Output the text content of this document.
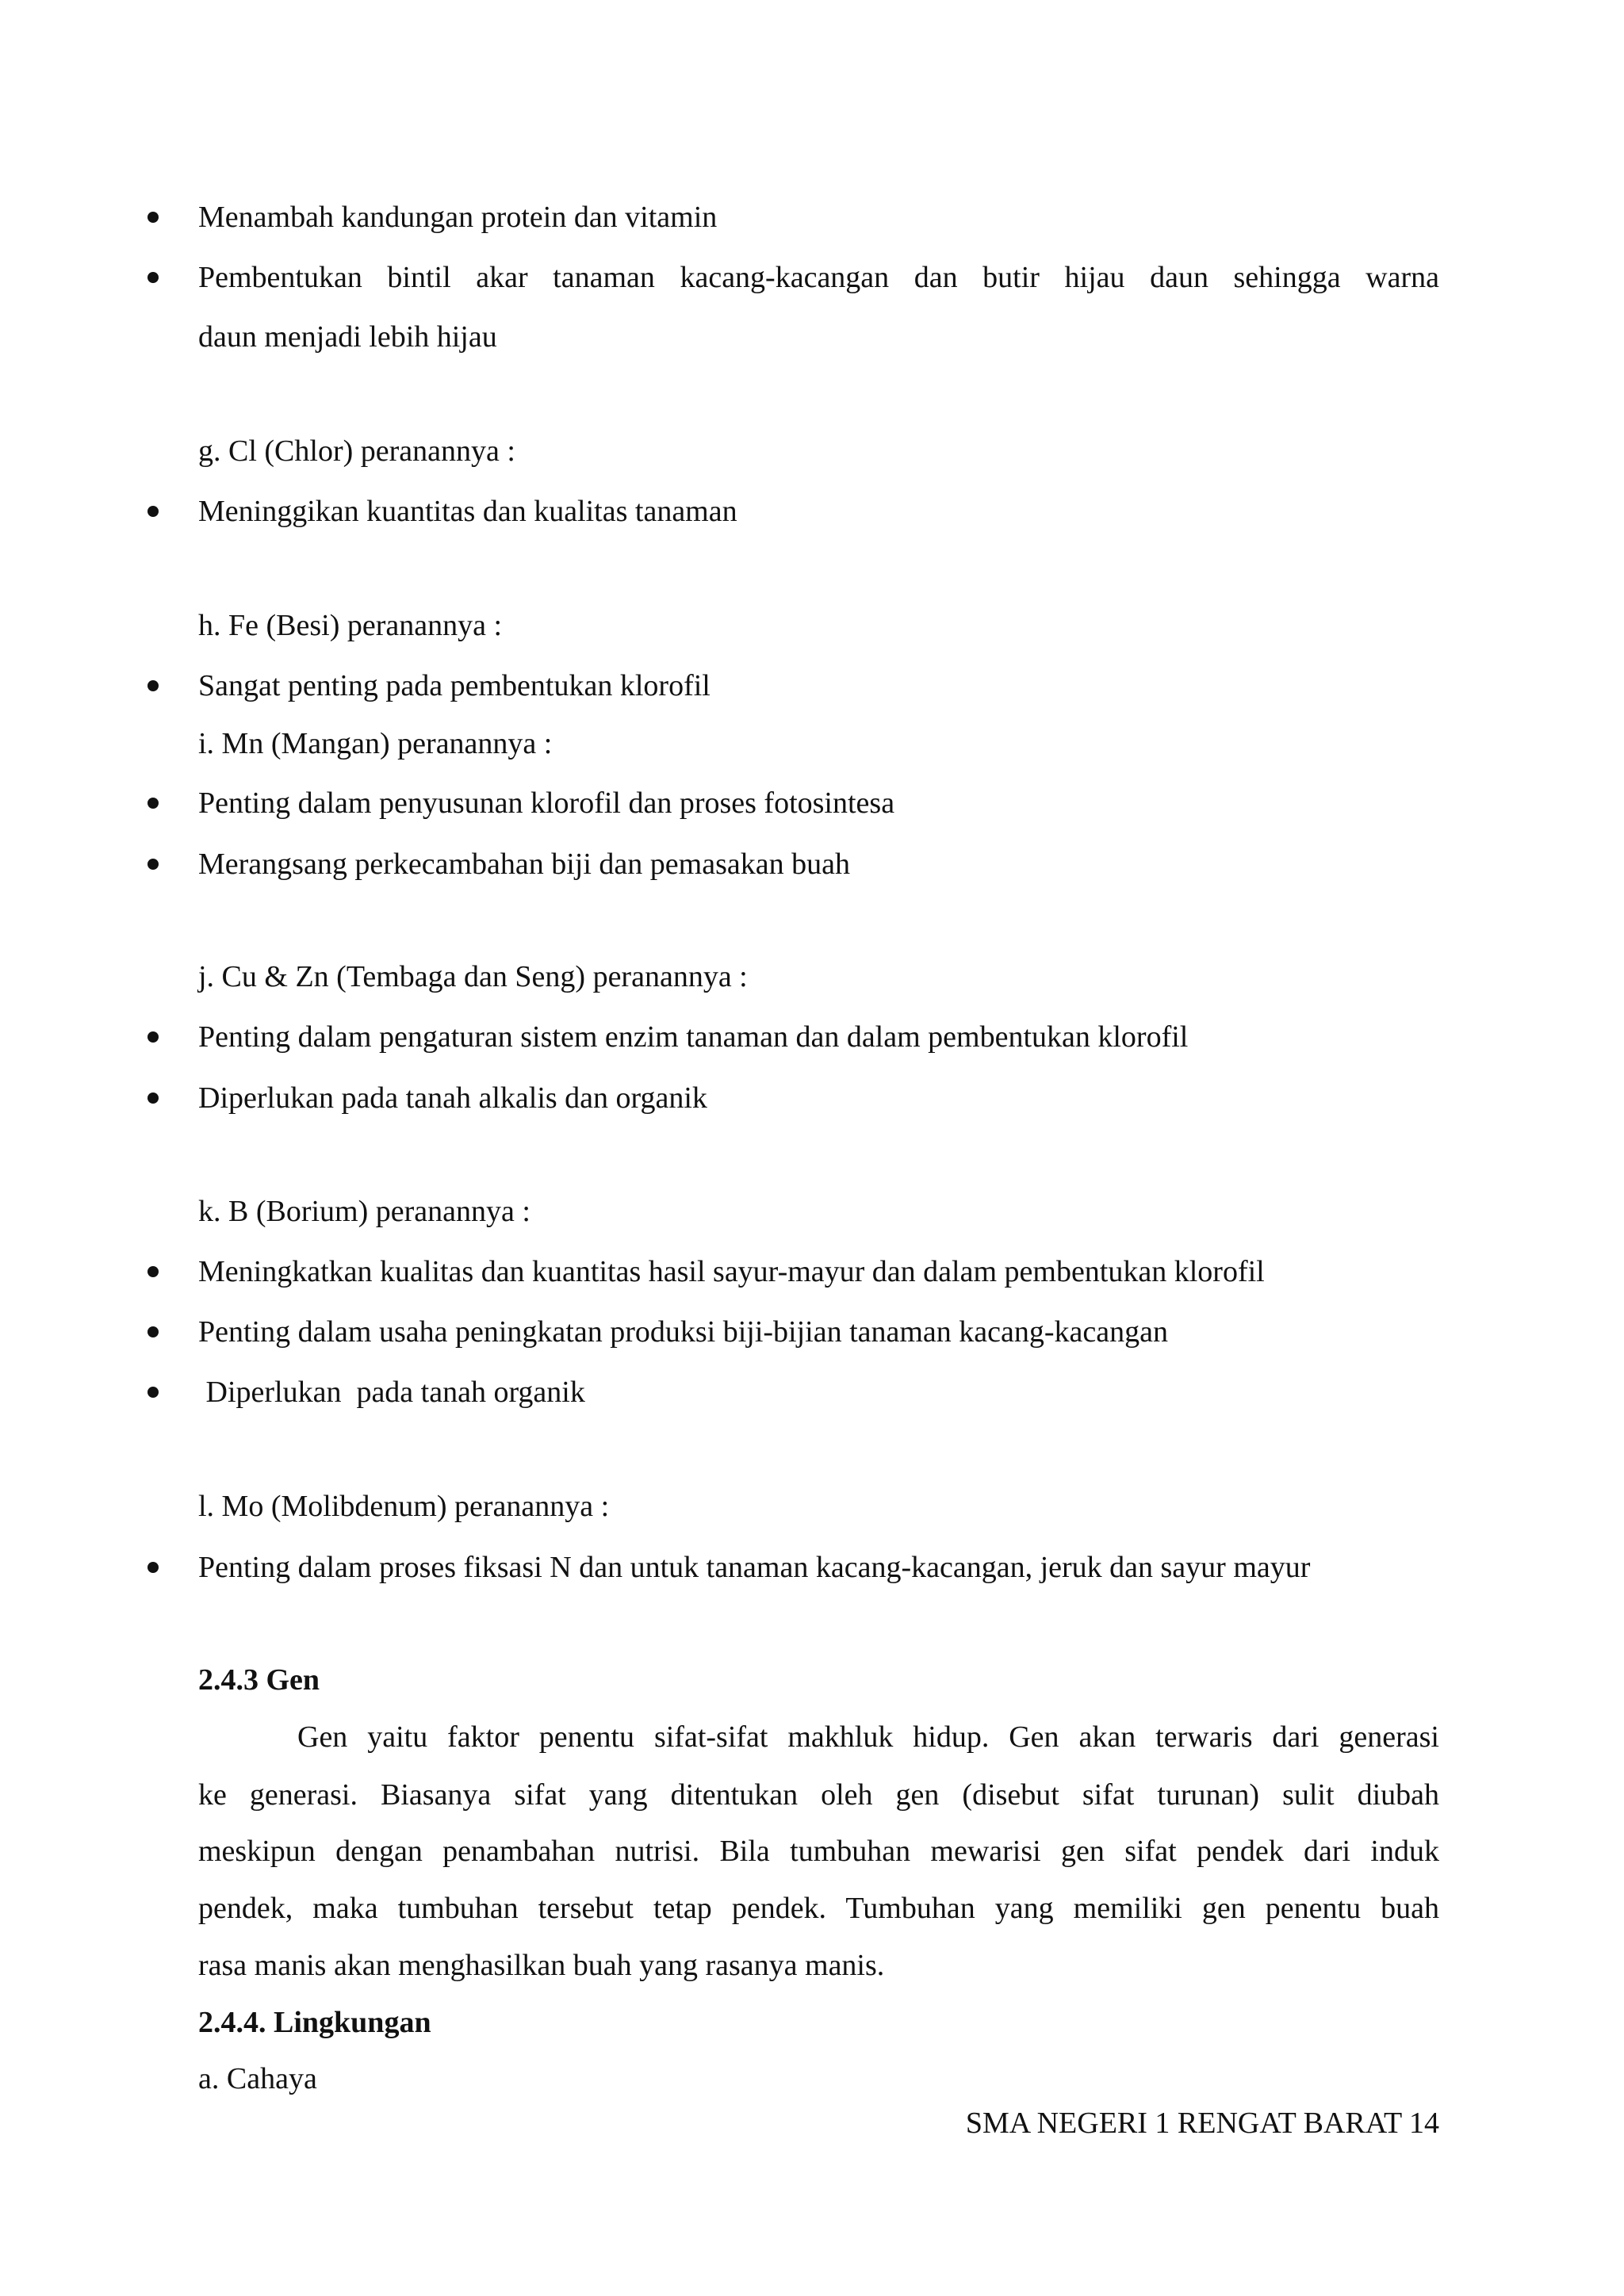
Menambah kandungan protein dan vitamin
Pembentukan bintil akar tanaman kacang-kacangan dan butir hijau daun sehingga warna
daun menjadi lebih hijau
g. Cl (Chlor) peranannya :
Meninggikan kuantitas dan kualitas tanaman
h. Fe (Besi) peranannya :
Sangat penting pada pembentukan klorofil
i. Mn (Mangan) peranannya :
Penting dalam penyusunan klorofil dan proses fotosintesa
Merangsang perkecambahan biji dan pemasakan buah
j. Cu & Zn (Tembaga dan Seng) peranannya :
Penting dalam pengaturan sistem enzim tanaman dan dalam pembentukan klorofil
Diperlukan pada tanah alkalis dan organik
k. B (Borium) peranannya :
Meningkatkan kualitas dan kuantitas hasil sayur-mayur dan dalam pembentukan klorofil
Penting dalam usaha peningkatan produksi biji-bijian tanaman kacang-kacangan
Diperlukan  pada tanah organik
l. Mo (Molibdenum) peranannya :
Penting dalam proses fiksasi N dan untuk tanaman kacang-kacangan, jeruk dan sayur mayur
2.4.3 Gen
Gen yaitu faktor penentu sifat-sifat makhluk hidup. Gen akan terwaris dari generasi
ke generasi. Biasanya sifat yang ditentukan oleh gen (disebut sifat turunan) sulit diubah
meskipun dengan penambahan nutrisi. Bila tumbuhan mewarisi gen sifat pendek dari induk
pendek, maka tumbuhan tersebut tetap pendek. Tumbuhan yang memiliki gen penentu buah
rasa manis akan menghasilkan buah yang rasanya manis.
2.4.4. Lingkungan
a. Cahaya
SMA NEGERI 1 RENGAT BARAT 14
